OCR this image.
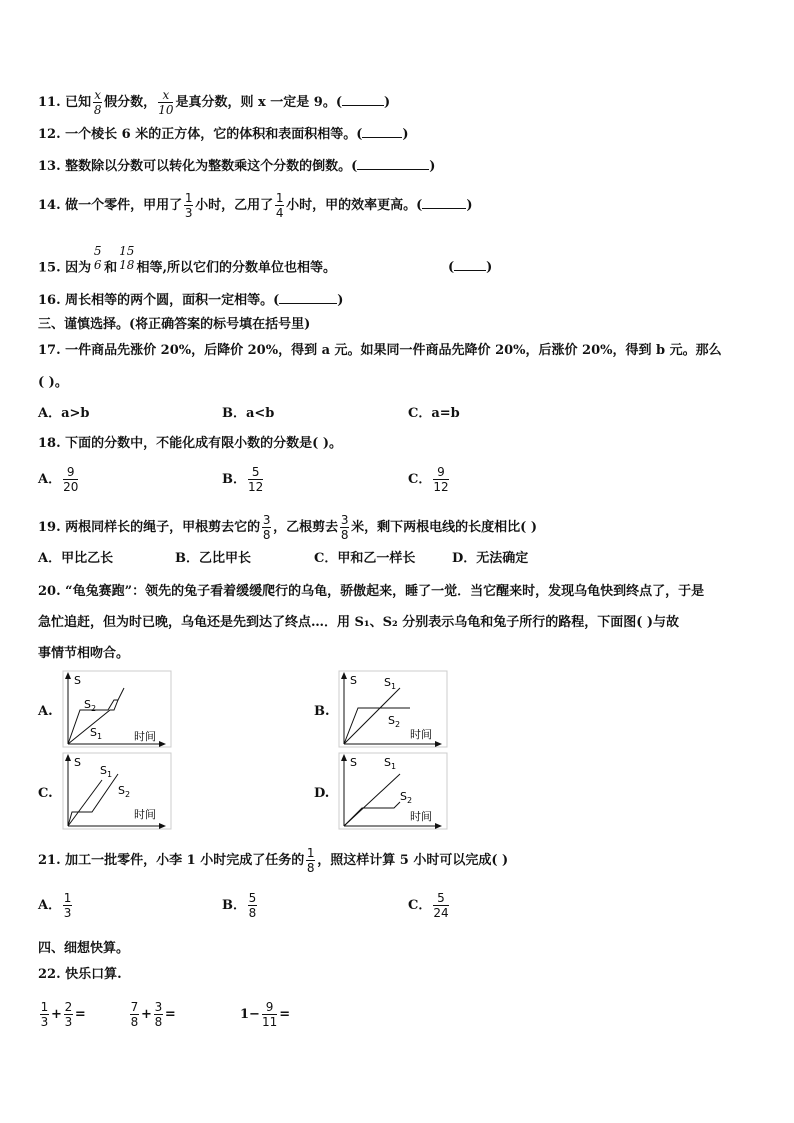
11. 已知 $\frac{x}{8}$ 假分数， $\frac{x}{10}$ 是真分数，则 x 一定是 9。(	)
12. 一个棱长 6 米的正方体，它的体积和表面积相等。(	)
13. 整数除以分数可以转化为整数乘这个分数的倒数。(	)
14. 做一个零件，甲用了 $\frac{1}{3}$ 小时，乙用了 $\frac{1}{4}$ 小时，甲的效率更高。(	)
15. 因为
5
6 和
15
18 相等,所以它们的分数单位也相等。	( )
16. 周长相等的两个圆，面积一定相等。(	)
三、谨慎选择。(将正确答案的标号填在括号里)
17. 一件商品先涨价 20%，后降价 20%，得到 a 元。如果同一件商品先降价 20%，后涨价 20%，得到 b 元。那么
( )。
A．a>b	B．a<b	C．a=b
18. 下面的分数中，不能化成有限小数的分数是( )。
A． $\frac{9}{20}$	B． $\frac{5}{12}$	C． $\frac{9}{12}$
19. 两根同样长的绳子，甲根剪去它的 $\frac{3}{8}$ ，乙根剪去 $\frac{3}{8}$ 米，剩下两根电线的长度相比( )
A．甲比乙长	B．乙比甲长	C．甲和乙一样长	D．无法确定
20. “龟兔赛跑”：领先的兔子看着缓缓爬行的乌龟，骄傲起来，睡了一觉．当它醒来时，发现乌龟快到终点了，于是
急忙追赶，但为时已晚，乌龟还是先到达了终点…．用 S₁、S₂ 分别表示乌龟和兔子所行的路程，下面图( )与故
事情节相吻合。
A.	B.
C.	D.
S
$S_2$
$S_1$	时间
S $S_1$
$S_2$
时间
S
$S_1$
$S_2$
时间
S $S_1$
$S_2$
时间
21. 加工一批零件，小李 1 小时完成了任务的 $\frac{1}{8}$ ，照这样计算 5 小时可以完成( )
A． $\frac{1}{3}$	B． $\frac{5}{8}$	C． $\frac{5}{24}$
四、细想快算。
22. 快乐口算.
$\frac{1}{3} + \frac{2}{3}$ =	$\frac{7}{8} + \frac{3}{8}$ =	$1- \frac{9}{11}$ =
